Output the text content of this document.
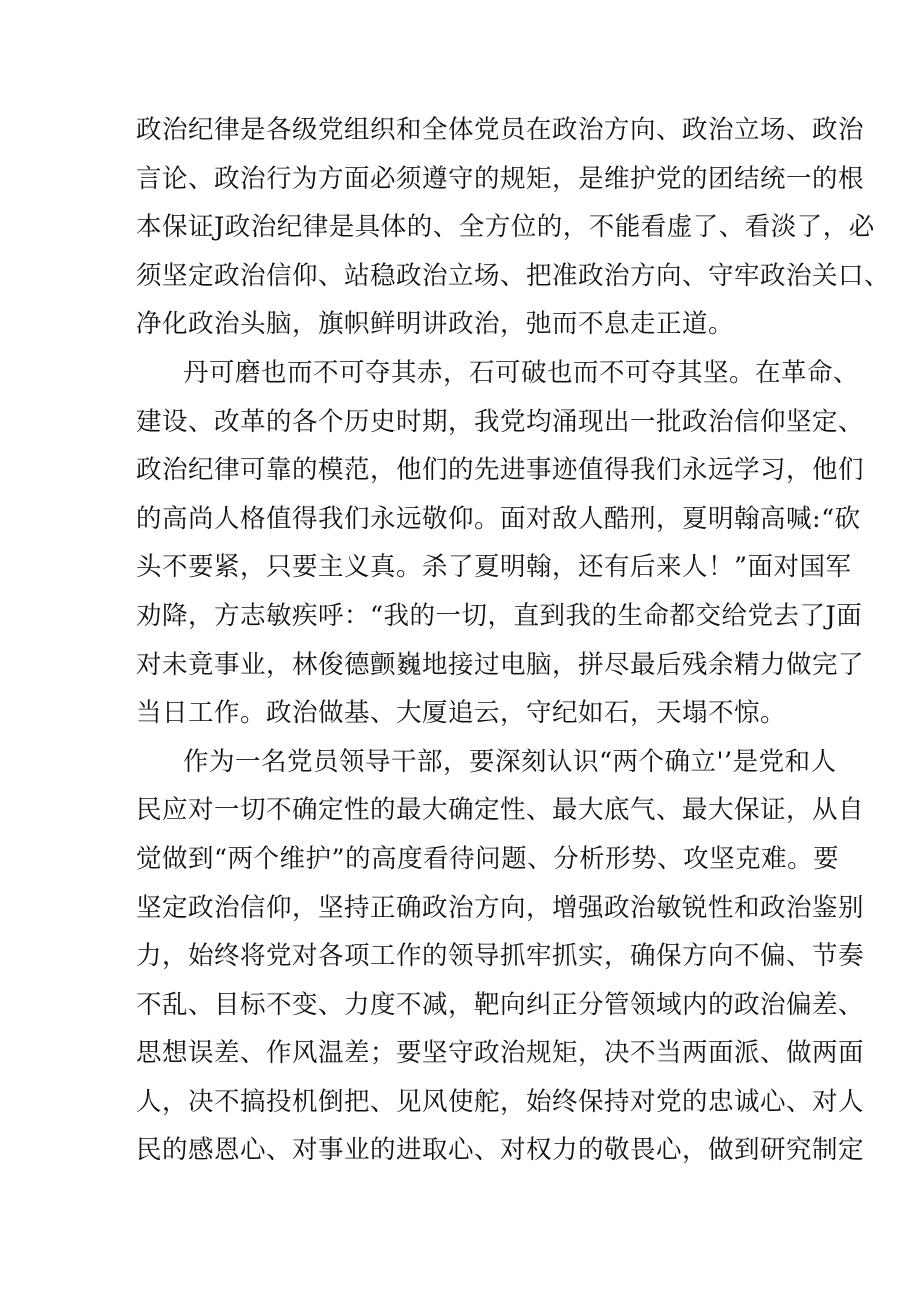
政治纪律是各级党组织和全体党员在政治方向、政治立场、政治
言论、政治行为方面必须遵守的规矩，是维护党的团结统一的根
本保证J政治纪律是具体的、全方位的，不能看虚了、看淡了，必
须坚定政治信仰、站稳政治立场、把准政治方向、守牢政治关口、
净化政治头脑，旗帜鲜明讲政治，弛而不息走正道。
丹可磨也而不可夺其赤，石可破也而不可夺其坚。在革命、
建设、改革的各个历史时期，我党均涌现出一批政治信仰坚定、
政治纪律可靠的模范，他们的先进事迹值得我们永远学习，他们
的高尚人格值得我们永远敬仰。面对敌人酷刑，夏明翰高喊:“砍
头不要紧，只要主义真。杀了夏明翰，还有后来人！”面对国军
劝降，方志敏疾呼：“我的一切，直到我的生命都交给党去了J面
对未竟事业，林俊德颤巍地接过电脑，拼尽最后残余精力做完了
当日工作。政治做基、大厦追云，守纪如石，天塌不惊。
作为一名党员领导干部，要深刻认识“两个确立'’是党和人
民应对一切不确定性的最大确定性、最大底气、最大保证，从自
觉做到“两个维护”的高度看待问题、分析形势、攻坚克难。要
坚定政治信仰，坚持正确政治方向，增强政治敏锐性和政治鉴别
力，始终将党对各项工作的领导抓牢抓实，确保方向不偏、节奏
不乱、目标不变、力度不减，靶向纠正分管领域内的政治偏差、
思想误差、作风温差；要坚守政治规矩，决不当两面派、做两面
人，决不搞投机倒把、见风使舵，始终保持对党的忠诚心、对人
民的感恩心、对事业的进取心、对权力的敬畏心，做到研究制定
